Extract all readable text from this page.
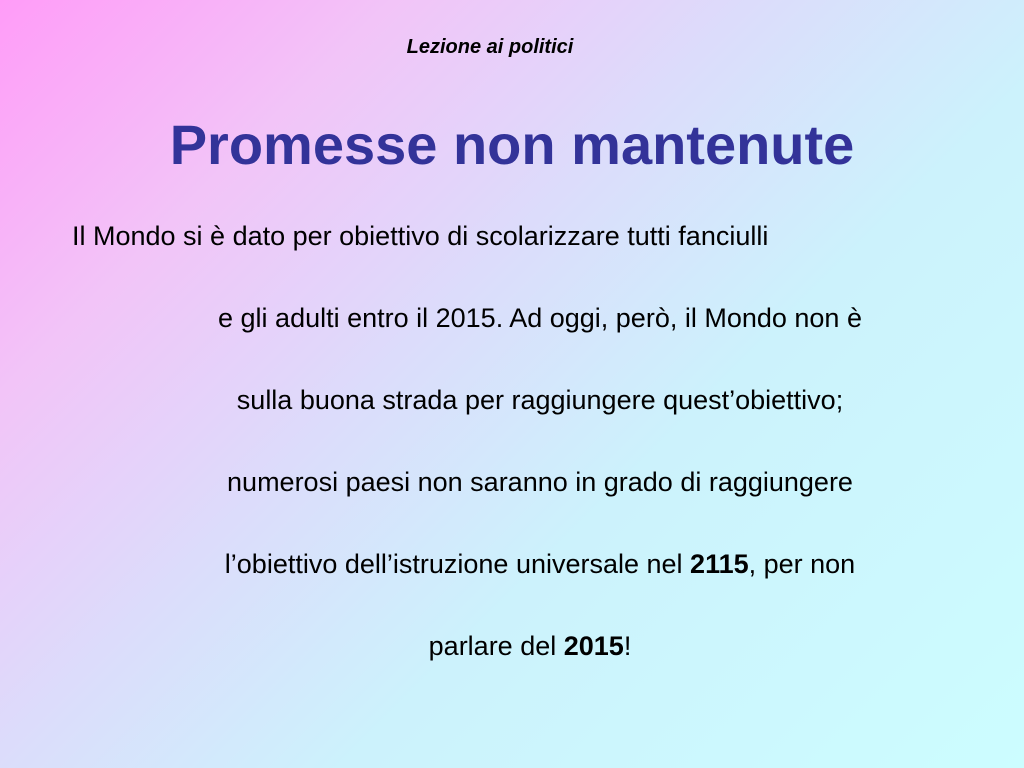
Lezione ai politici
Promesse non mantenute
Il Mondo si è dato per obiettivo di scolarizzare tutti fanciulli
e gli adulti entro il 2015. Ad oggi, però, il Mondo non è
sulla buona strada per raggiungere quest’obiettivo;
numerosi paesi non saranno in grado di raggiungere
l’obiettivo dell’istruzione universale nel 2115, per non
parlare del 2015!
